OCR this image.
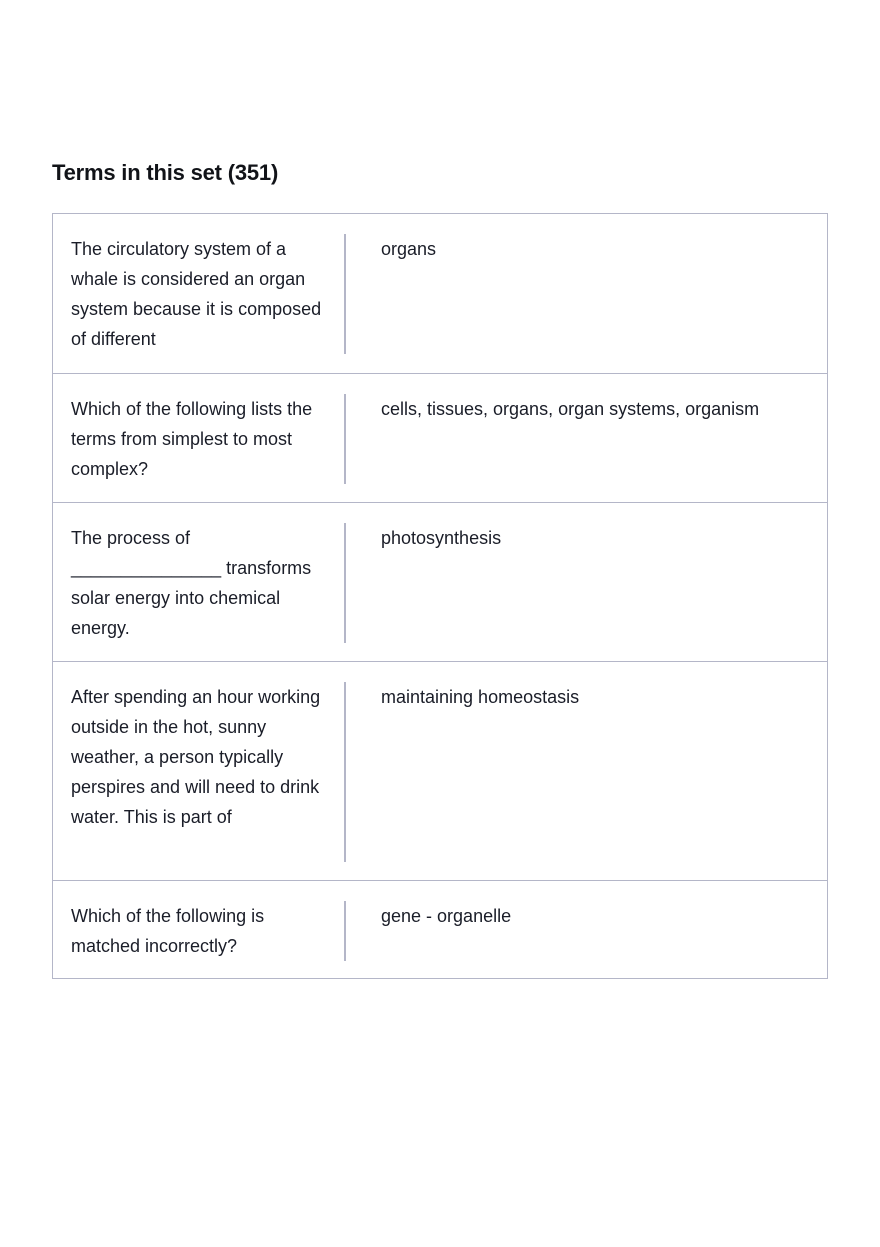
Terms in this set (351)
The circulatory system of a whale is considered an organ system because it is composed of different
organs
Which of the following lists the terms from simplest to most complex?
cells, tissues, organs, organ systems, organism
The process of _______________ transforms solar energy into chemical energy.
photosynthesis
After spending an hour working outside in the hot, sunny weather, a person typically perspires and will need to drink water. This is part of
maintaining homeostasis
Which of the following is matched incorrectly?
gene - organelle
